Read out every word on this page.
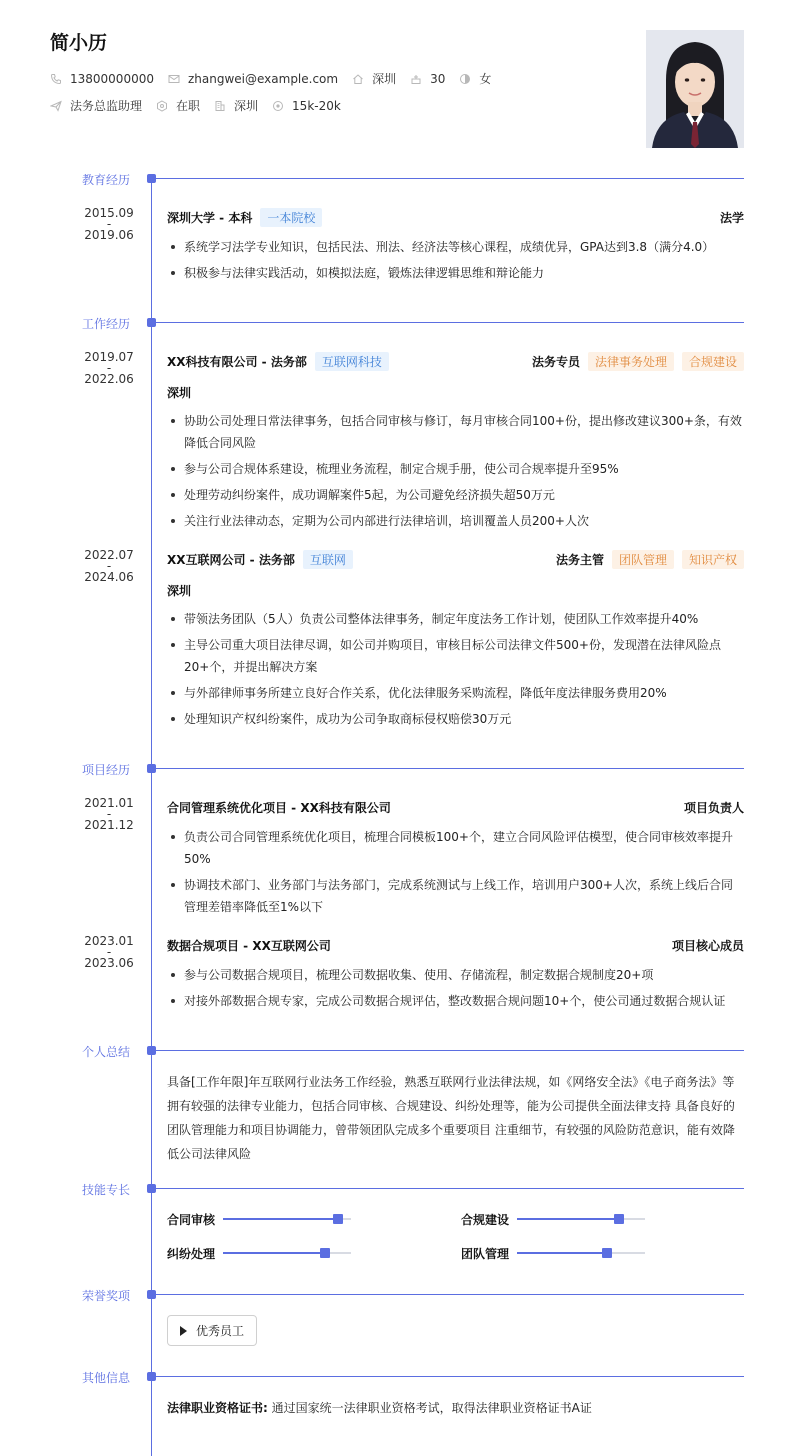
简小历
13800000000	zhangwei@example.com	深圳	30	女
法务总监助理	在职	深圳	15k-20k
教育经历
2015.09
-
2019.06
深圳大学 - 本科	一本院校	法学
系统学习法学专业知识，包括民法、刑法、经济法等核心课程，成绩优异，GPA达到3.8（满分4.0）
积极参与法律实践活动，如模拟法庭，锻炼法律逻辑思维和辩论能力
工作经历
2019.07
-
2022.06
XX科技有限公司 - 法务部	互联网科技	法务专员	法律事务处理	合规建设
深圳
协助公司处理日常法律事务，包括合同审核与修订，每月审核合同100+份，提出修改建议300+条，有效降低合同风险
参与公司合规体系建设，梳理业务流程，制定合规手册，使公司合规率提升至95%
处理劳动纠纷案件，成功调解案件5起，为公司避免经济损失超50万元
关注行业法律动态，定期为公司内部进行法律培训，培训覆盖人员200+人次
2022.07
-
2024.06
XX互联网公司 - 法务部	互联网	法务主管	团队管理	知识产权
深圳
带领法务团队（5人）负责公司整体法律事务，制定年度法务工作计划，使团队工作效率提升40%
主导公司重大项目法律尽调，如公司并购项目，审核目标公司法律文件500+份，发现潜在法律风险点20+个，并提出解决方案
与外部律师事务所建立良好合作关系，优化法律服务采购流程，降低年度法律服务费用20%
处理知识产权纠纷案件，成功为公司争取商标侵权赔偿30万元
项目经历
2021.01
-
2021.12
合同管理系统优化项目 - XX科技有限公司	项目负责人
负责公司合同管理系统优化项目，梳理合同模板100+个，建立合同风险评估模型，使合同审核效率提升50%
协调技术部门、业务部门与法务部门，完成系统测试与上线工作，培训用户300+人次，系统上线后合同管理差错率降低至1%以下
2023.01
-
2023.06
数据合规项目 - XX互联网公司	项目核心成员
参与公司数据合规项目，梳理公司数据收集、使用、存储流程，制定数据合规制度20+项
对接外部数据合规专家，完成公司数据合规评估，整改数据合规问题10+个，使公司通过数据合规认证
个人总结
具备[工作年限]年互联网行业法务工作经验，熟悉互联网行业法律法规，如《网络安全法》《电子商务法》等拥有较强的法律专业能力，包括合同审核、合规建设、纠纷处理等，能为公司提供全面法律支持 具备良好的团队管理能力和项目协调能力，曾带领团队完成多个重要项目 注重细节，有较强的风险防范意识，能有效降低公司法律风险
技能专长
合同审核	合规建设
纠纷处理	团队管理
荣誉奖项
优秀员工
其他信息
法律职业资格证书: 通过国家统一法律职业资格考试，取得法律职业资格证书A证
